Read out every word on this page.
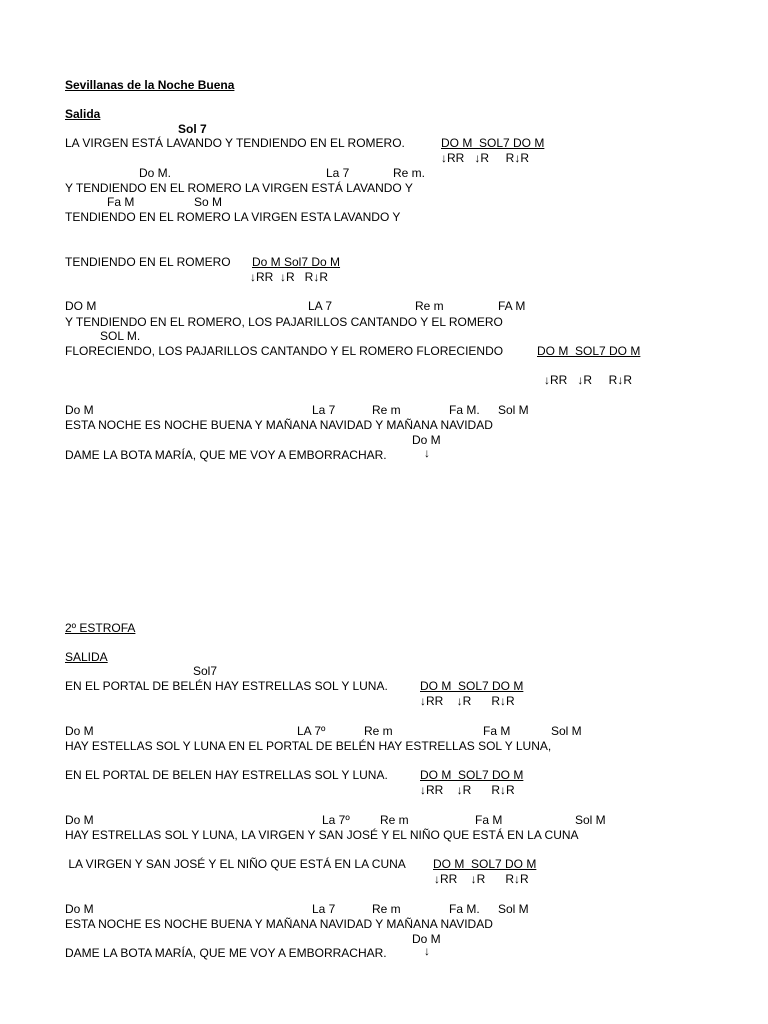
Sevillanas de la Noche Buena
Salida
Sol 7
LA VIRGEN ESTÁ LAVANDO Y TENDIENDO EN EL ROMERO.	DO M  SOL7 DO M
↓RR   ↓R     R↓R
Do M.	La 7	Re m.
Y TENDIENDO EN EL ROMERO LA VIRGEN ESTÁ LAVANDO Y
Fa M	So M
TENDIENDO EN EL ROMERO LA VIRGEN ESTA LAVANDO Y
TENDIENDO EN EL ROMERO Do M Sol7 Do M
↓RR  ↓R   R↓R
DO M	LA 7	Re m	FA M
Y TENDIENDO EN EL ROMERO, LOS PAJARILLOS CANTANDO Y EL ROMERO
SOL M.
FLORECIENDO, LOS PAJARILLOS CANTANDO Y EL ROMERO FLORECIENDO	DO M  SOL7 DO M
↓RR   ↓R     R↓R
Do M	La 7	Re m	Fa M. Sol M
ESTA NOCHE ES NOCHE BUENA Y MAÑANA NAVIDAD Y MAÑANA NAVIDAD
Do M
DAME LA BOTA MARÍA, QUE ME VOY A EMBORRACHAR.	↓
2º ESTROFA
SALIDA
Sol7
EN EL PORTAL DE BELÉN HAY ESTRELLAS SOL Y LUNA.	DO M  SOL7 DO M
↓RR    ↓R      R↓R
Do M	LA 7º	Re m	Fa M	Sol M
HAY ESTELLAS SOL Y LUNA EN EL PORTAL DE BELÉN HAY ESTRELLAS SOL Y LUNA,
EN EL PORTAL DE BELEN HAY ESTRELLAS SOL Y LUNA.	DO M  SOL7 DO M
↓RR    ↓R      R↓R
Do M	La 7º	Re m	Fa M	Sol M
HAY ESTRELLAS SOL Y LUNA, LA VIRGEN Y SAN JOSÉ Y EL NIÑO QUE ESTÁ EN LA CUNA
LA VIRGEN Y SAN JOSÉ Y EL NIÑO QUE ESTÁ EN LA CUNA DO M  SOL7 DO M
↓RR    ↓R      R↓R
Do M	La 7	Re m	Fa M. Sol M
ESTA NOCHE ES NOCHE BUENA Y MAÑANA NAVIDAD Y MAÑANA NAVIDAD
Do M
DAME LA BOTA MARÍA, QUE ME VOY A EMBORRACHAR.	↓
